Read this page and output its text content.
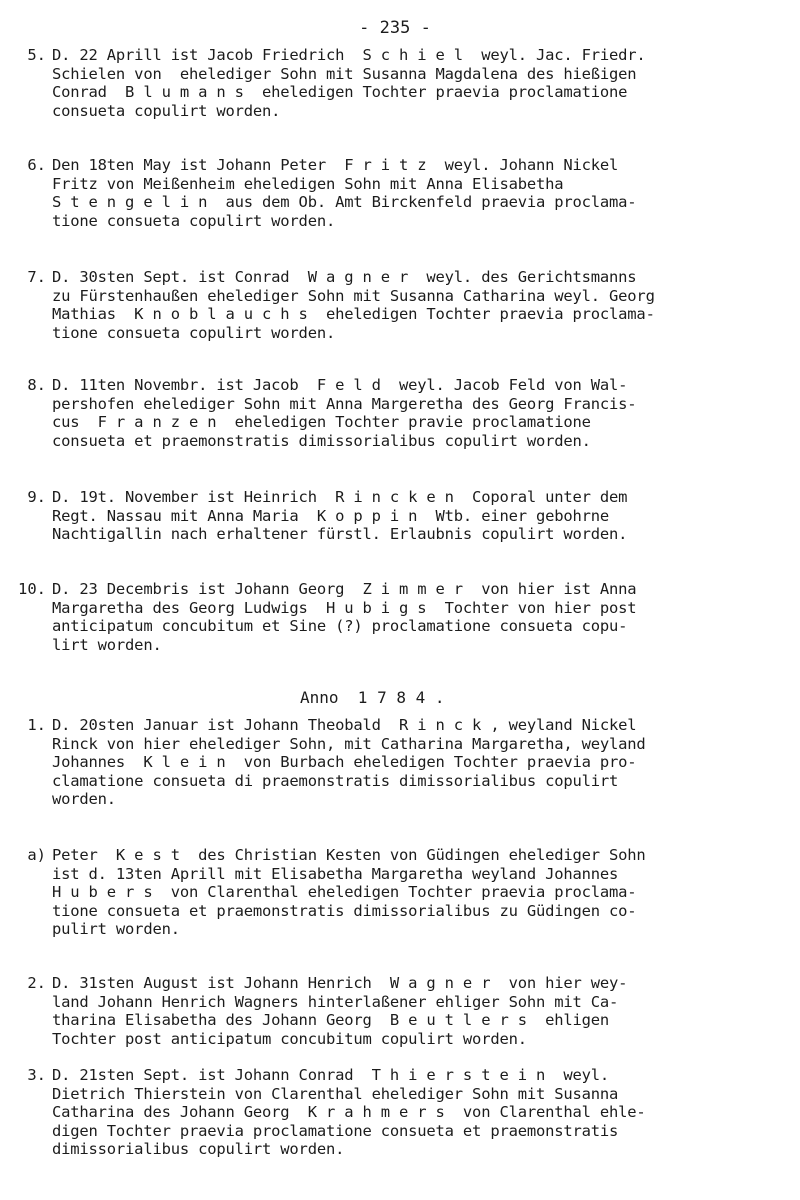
- 235 -
5. D. 22 Aprill ist Jacob Friedrich  S c h i e l  weyl. Jac. Friedr.
Schielen von  ehelediger Sohn mit Susanna Magdalena des hießigen
Conrad  B l u m a n s  eheledigen Tochter praevia proclamatione
consueta copulirt worden.
6. Den 18ten May ist Johann Peter  F r i t z  weyl. Johann Nickel
Fritz von Meißenheim eheledigen Sohn mit Anna Elisabetha
S t e n g e l i n  aus dem Ob. Amt Birckenfeld praevia proclama-
tione consueta copulirt worden.
7. D. 30sten Sept. ist Conrad  W a g n e r  weyl. des Gerichtsmanns
zu Fürstenhaußen ehelediger Sohn mit Susanna Catharina weyl. Georg
Mathias  K n o b l a u c h s  eheledigen Tochter praevia proclama-
tione consueta copulirt worden.
8. D. 11ten Novembr. ist Jacob  F e l d  weyl. Jacob Feld von Wal-
pershofen ehelediger Sohn mit Anna Margeretha des Georg Francis-
cus  F r a n z e n  eheledigen Tochter pravie proclamatione
consueta et praemonstratis dimissorialibus copulirt worden.
9. D. 19t. November ist Heinrich  R i n c k e n  Coporal unter dem
Regt. Nassau mit Anna Maria  K o p p i n  Wtb. einer gebohrne
Nachtigallin nach erhaltener fürstl. Erlaubnis copulirt worden.
10. D. 23 Decembris ist Johann Georg  Z i m m e r  von hier ist Anna
Margaretha des Georg Ludwigs  H u b i g s  Tochter von hier post
anticipatum concubitum et Sine (?) proclamatione consueta copu-
lirt worden.
Anno  1 7 8 4 .
1. D. 20sten Januar ist Johann Theobald  R i n c k , weyland Nickel
Rinck von hier ehelediger Sohn, mit Catharina Margaretha, weyland
Johannes  K l e i n  von Burbach eheledigen Tochter praevia pro-
clamatione consueta di praemonstratis dimissorialibus copulirt
worden.
a) Peter  K e s t  des Christian Kesten von Güdingen ehelediger Sohn
ist d. 13ten Aprill mit Elisabetha Margaretha weyland Johannes
H u b e r s  von Clarenthal eheledigen Tochter praevia proclama-
tione consueta et praemonstratis dimissorialibus zu Güdingen co-
pulirt worden.
2. D. 31sten August ist Johann Henrich  W a g n e r  von hier wey-
land Johann Henrich Wagners hinterlaßener ehliger Sohn mit Ca-
tharina Elisabetha des Johann Georg  B e u t l e r s  ehligen
Tochter post anticipatum concubitum copulirt worden.
3. D. 21sten Sept. ist Johann Conrad  T h i e r s t e i n  weyl.
Dietrich Thierstein von Clarenthal ehelediger Sohn mit Susanna
Catharina des Johann Georg  K r a h m e r s  von Clarenthal ehle-
digen Tochter praevia proclamatione consueta et praemonstratis
dimissorialibus copulirt worden.
